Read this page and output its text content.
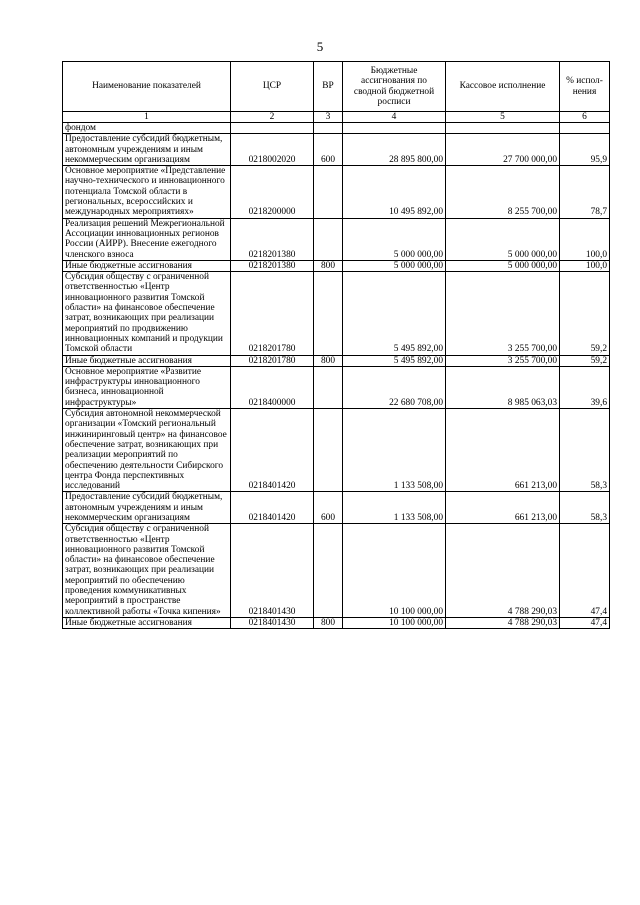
5
Наименование показателей	ЦСР	ВР	Бюджетные ассигнования по сводной бюджетной росписи	Кассовое исполнение	% испол-нения
1	2	3	4	5	6
фондом					
Предоставление субсидий бюджетным, автономным учреждениям и иным некоммерческим организациям	0218002020	600	28 895 800,00	27 700 000,00	95,9
Основное мероприятие «Представление научно-технического и инновационного потенциала Томской области в региональных, всероссийских и международных мероприятиях»	0218200000		10 495 892,00	8 255 700,00	78,7
Реализация решений Межрегиональной Ассоциации инновационных регионов России (АИРР). Внесение ежегодного членского взноса	0218201380		5 000 000,00	5 000 000,00	100,0
Иные бюджетные ассигнования	0218201380	800	5 000 000,00	5 000 000,00	100,0
Субсидия обществу с ограниченной ответственностью «Центр инновационного развития Томской области» на финансовое обеспечение затрат, возникающих при реализации мероприятий по продвижению инновационных компаний и продукции Томской области	0218201780		5 495 892,00	3 255 700,00	59,2
Иные бюджетные ассигнования	0218201780	800	5 495 892,00	3 255 700,00	59,2
Основное мероприятие «Развитие инфраструктуры инновационного бизнеса, инновационной инфраструктуры»	0218400000		22 680 708,00	8 985 063,03	39,6
Субсидия автономной некоммерческой организации «Томский региональный инжиниринговый центр» на финансовое обеспечение затрат, возникающих при реализации мероприятий по обеспечению деятельности Сибирского центра Фонда перспективных исследований	0218401420		1 133 508,00	661 213,00	58,3
Предоставление субсидий бюджетным, автономным учреждениям и иным некоммерческим организациям	0218401420	600	1 133 508,00	661 213,00	58,3
Субсидия обществу с ограниченной ответственностью «Центр инновационного развития Томской области» на финансовое обеспечение затрат, возникающих при реализации мероприятий по обеспечению проведения коммуникативных мероприятий в пространстве коллективной работы «Точка кипения»	0218401430		10 100 000,00	4 788 290,03	47,4
Иные бюджетные ассигнования	0218401430	800	10 100 000,00	4 788 290,03	47,4
